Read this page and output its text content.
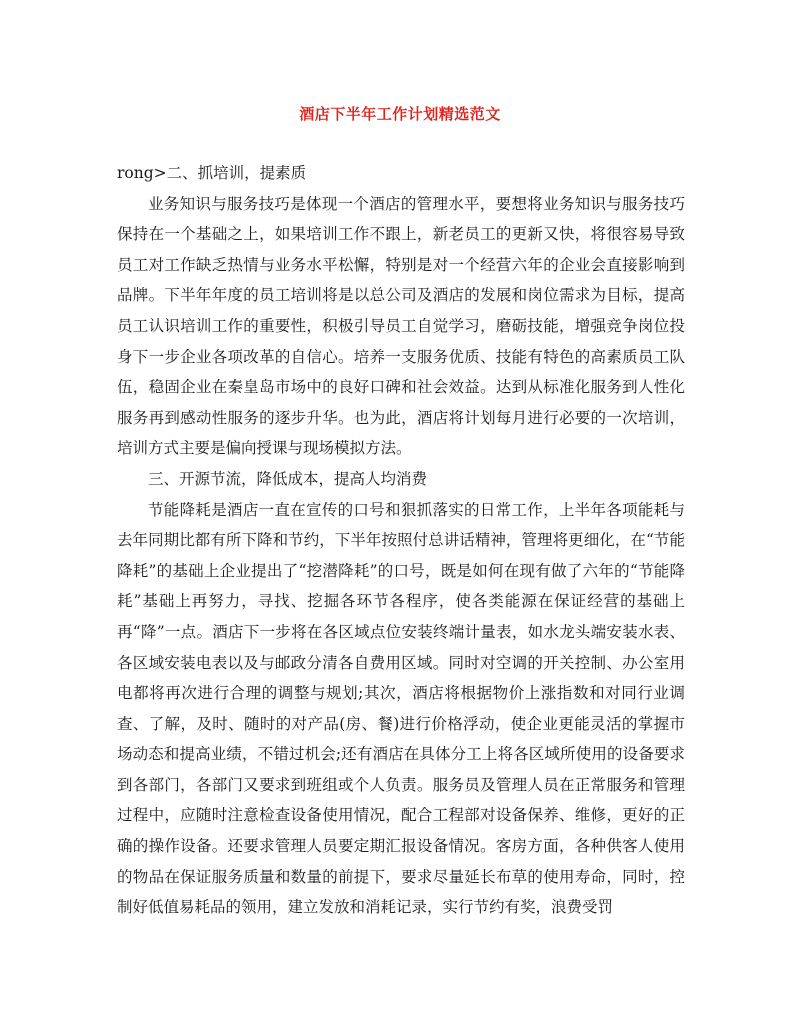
酒店下半年工作计划精选范文

rong>二、抓培训，提素质

业务知识与服务技巧是体现一个酒店的管理水平，要想将业务知识与服务技巧保持在一个基础之上，如果培训工作不跟上，新老员工的更新又快，将很容易导致员工对工作缺乏热情与业务水平松懈，特别是对一个经营六年的企业会直接影响到品牌。下半年年度的员工培训将是以总公司及酒店的发展和岗位需求为目标，提高员工认识培训工作的重要性，积极引导员工自觉学习，磨砺技能，增强竞争岗位投身下一步企业各项改革的自信心。培养一支服务优质、技能有特色的高素质员工队伍，稳固企业在秦皇岛市场中的良好口碑和社会效益。达到从标准化服务到人性化服务再到感动性服务的逐步升华。也为此，酒店将计划每月进行必要的一次培训，培训方式主要是偏向授课与现场模拟方法。

三、开源节流，降低成本，提高人均消费

节能降耗是酒店一直在宣传的口号和狠抓落实的日常工作，上半年各项能耗与去年同期比都有所下降和节约，下半年按照付总讲话精神，管理将更细化，在“节能降耗”的基础上企业提出了“挖潜降耗”的口号，既是如何在现有做了六年的“节能降耗”基础上再努力，寻找、挖掘各环节各程序，使各类能源在保证经营的基础上再“降”一点。酒店下一步将在各区域点位安装终端计量表，如水龙头端安装水表、各区域安装电表以及与邮政分清各自费用区域。同时对空调的开关控制、办公室用电都将再次进行合理的调整与规划;其次，酒店将根据物价上涨指数和对同行业调查、了解，及时、随时的对产品(房、餐)进行价格浮动，使企业更能灵活的掌握市场动态和提高业绩，不错过机会;还有酒店在具体分工上将各区域所使用的设备要求到各部门，各部门又要求到班组或个人负责。服务员及管理人员在正常服务和管理过程中，应随时注意检查设备使用情况，配合工程部对设备保养、维修，更好的正确的操作设备。还要求管理人员要定期汇报设备情况。客房方面，各种供客人使用的物品在保证服务质量和数量的前提下，要求尽量延长布草的使用寿命，同时，控制好低值易耗品的领用，建立发放和消耗记录，实行节约有奖，浪费受罚
